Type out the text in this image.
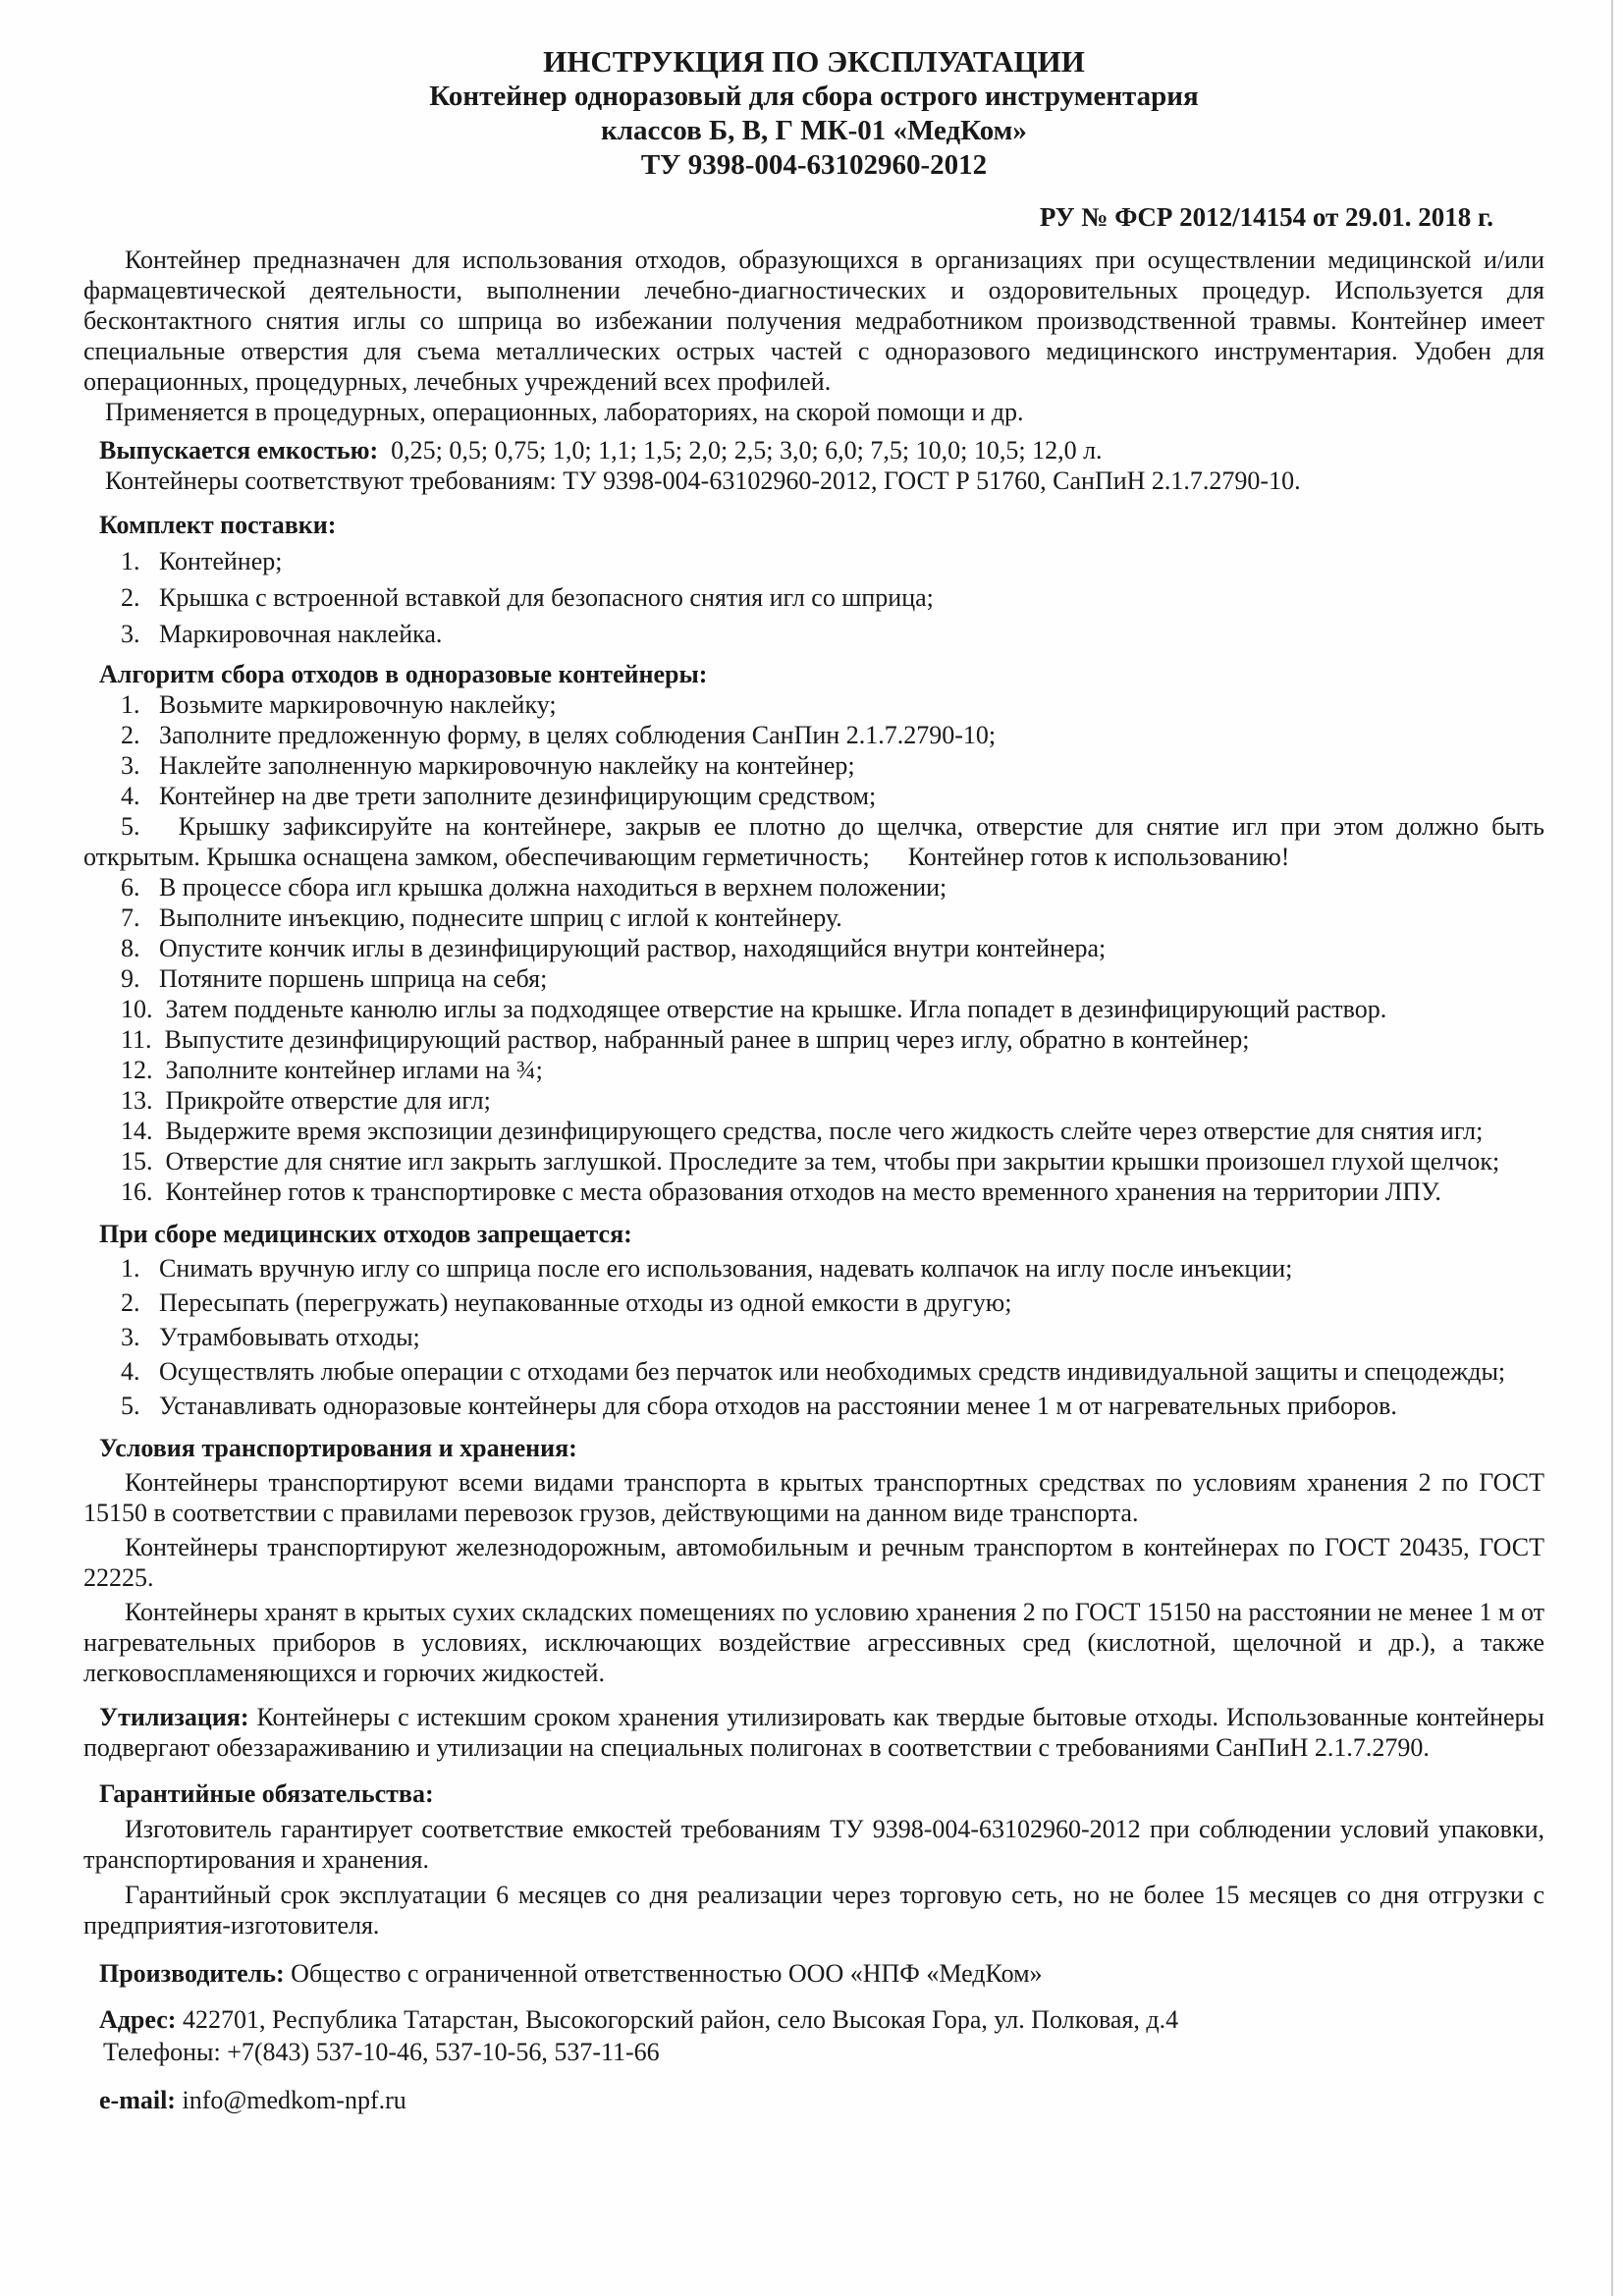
ИНСТРУКЦИЯ ПО ЭКСПЛУАТАЦИИ
Контейнер одноразовый для сбора острого инструментария
классов Б, В, Г МК-01 «МедКом»
ТУ 9398-004-63102960-2012
РУ № ФСР 2012/14154 от 29.01. 2018 г.
Контейнер предназначен для использования отходов, образующихся в организациях при осуществлении медицинской и/или фармацевтической деятельности, выполнении лечебно-диагностических и оздоровительных процедур. Используется для бесконтактного снятия иглы со шприца во избежании получения медработником производственной травмы. Контейнер имеет специальные отверстия для съема металлических острых частей с одноразового медицинского инструментария. Удобен для операционных, процедурных, лечебных учреждений всех профилей.
Применяется в процедурных, операционных, лабораториях, на скорой помощи и др.
Выпускается емкостью:  0,25; 0,5; 0,75; 1,0; 1,1; 1,5; 2,0; 2,5; 3,0; 6,0; 7,5; 10,0; 10,5; 12,0 л.
Контейнеры соответствуют требованиям: ТУ 9398-004-63102960-2012, ГОСТ Р 51760, СанПиН 2.1.7.2790-10.
Комплект поставки:
1.   Контейнер;
2.   Крышка с встроенной вставкой для безопасного снятия игл со шприца;
3.   Маркировочная наклейка.
Алгоритм сбора отходов в одноразовые контейнеры:
1.   Возьмите маркировочную наклейку;
2.   Заполните предложенную форму, в целях соблюдения СанПин 2.1.7.2790-10;
3.   Наклейте заполненную маркировочную наклейку на контейнер;
4.   Контейнер на две трети заполните дезинфицирующим средством;
5.   Крышку зафиксируйте на контейнере, закрыв ее плотно до щелчка, отверстие для снятие игл при этом должно быть открытым. Крышка оснащена замком, обеспечивающим герметичность;      Контейнер готов к использованию!
6.   В процессе сбора игл крышка должна находиться в верхнем положении;
7.   Выполните инъекцию, поднесите шприц с иглой к контейнеру.
8.   Опустите кончик иглы в дезинфицирующий раствор, находящийся внутри контейнера;
9.   Потяните поршень шприца на себя;
10.  Затем подденьте канюлю иглы за подходящее отверстие на крышке. Игла попадет в дезинфицирующий раствор.
11.  Выпустите дезинфицирующий раствор, набранный ранее в шприц через иглу, обратно в контейнер;
12.  Заполните контейнер иглами на ¾;
13.  Прикройте отверстие для игл;
14.  Выдержите время экспозиции дезинфицирующего средства, после чего жидкость слейте через отверстие для снятия игл;
15.  Отверстие для снятие игл закрыть заглушкой. Проследите за тем, чтобы при закрытии крышки произошел глухой щелчок;
16.  Контейнер готов к транспортировке с места образования отходов на место временного хранения на территории ЛПУ.
При сборе медицинских отходов запрещается:
1.   Снимать вручную иглу со шприца после его использования, надевать колпачок на иглу после инъекции;
2.   Пересыпать (перегружать) неупакованные отходы из одной емкости в другую;
3.   Утрамбовывать отходы;
4.   Осуществлять любые операции с отходами без перчаток или необходимых средств индивидуальной защиты и спецодежды;
5.   Устанавливать одноразовые контейнеры для сбора отходов на расстоянии менее 1 м от нагревательных приборов.
Условия транспортирования и хранения:
Контейнеры транспортируют всеми видами транспорта в крытых транспортных средствах по условиям хранения 2 по ГОСТ 15150 в соответствии с правилами перевозок грузов, действующими на данном виде транспорта.
Контейнеры транспортируют железнодорожным, автомобильным и речным транспортом в контейнерах по ГОСТ 20435, ГОСТ 22225.
Контейнеры хранят в крытых сухих складских помещениях по условию хранения 2 по ГОСТ 15150 на расстоянии не менее 1 м от нагревательных приборов в условиях, исключающих воздействие агрессивных сред (кислотной, щелочной и др.), а также легковоспламеняющихся и горючих жидкостей.
Утилизация: Контейнеры с истекшим сроком хранения утилизировать как твердые бытовые отходы. Использованные контейнеры подвергают обеззараживанию и утилизации на специальных полигонах в соответствии с требованиями СанПиН 2.1.7.2790.
Гарантийные обязательства:
Изготовитель гарантирует соответствие емкостей требованиям ТУ 9398-004-63102960-2012 при соблюдении условий упаковки, транспортирования и хранения.
Гарантийный срок эксплуатации 6 месяцев со дня реализации через торговую сеть, но не более 15 месяцев со дня отгрузки с предприятия-изготовителя.
Производитель: Общество с ограниченной ответственностью ООО «НПФ «МедКом»
Адрес: 422701, Республика Татарстан, Высокогорский район, село Высокая Гора, ул. Полковая, д.4
Телефоны: +7(843) 537-10-46, 537-10-56, 537-11-66
e-mail: info@medkom-npf.ru
